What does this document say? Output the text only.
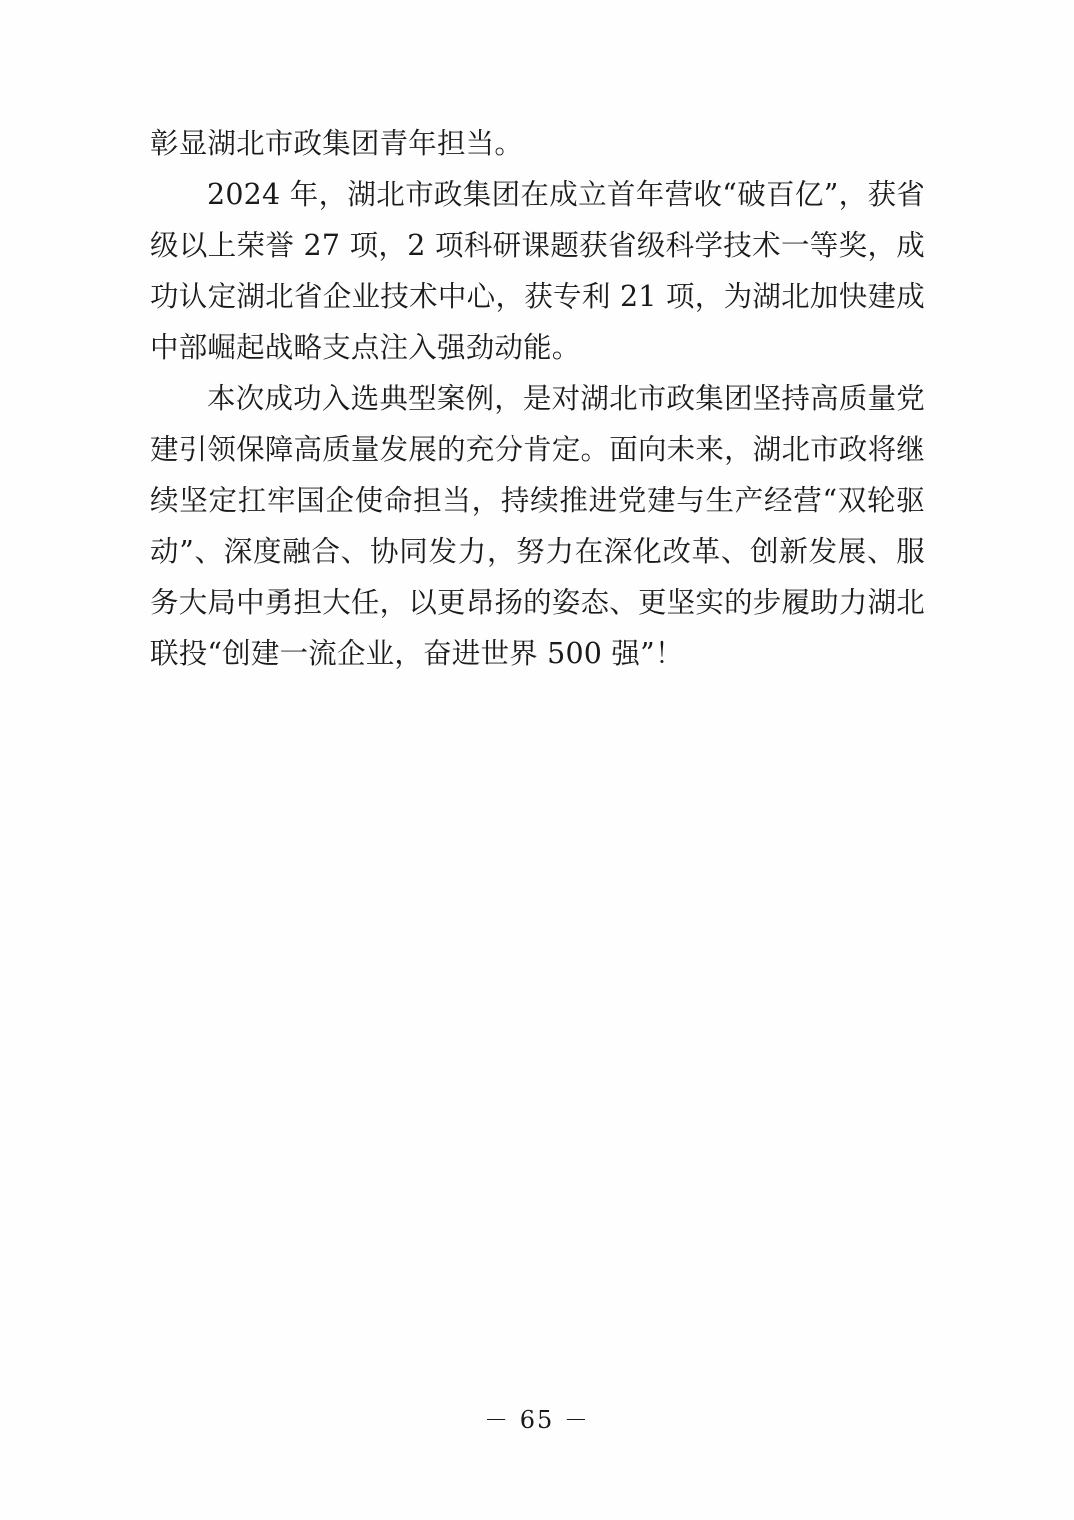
彰显湖北市政集团青年担当。

2024 年，湖北市政集团在成立首年营收“破百亿”，获省级以上荣誉 27 项，2 项科研课题获省级科学技术一等奖，成功认定湖北省企业技术中心，获专利 21 项，为湖北加快建成中部崛起战略支点注入强劲动能。

本次成功入选典型案例，是对湖北市政集团坚持高质量党建引领保障高质量发展的充分肯定。面向未来，湖北市政将继续坚定扛牢国企使命担当，持续推进党建与生产经营“双轮驱动”、深度融合、协同发力，努力在深化改革、创新发展、服务大局中勇担大任，以更昂扬的姿态、更坚实的步履助力湖北联投“创建一流企业，奋进世界 500 强”！

－ 65 －
